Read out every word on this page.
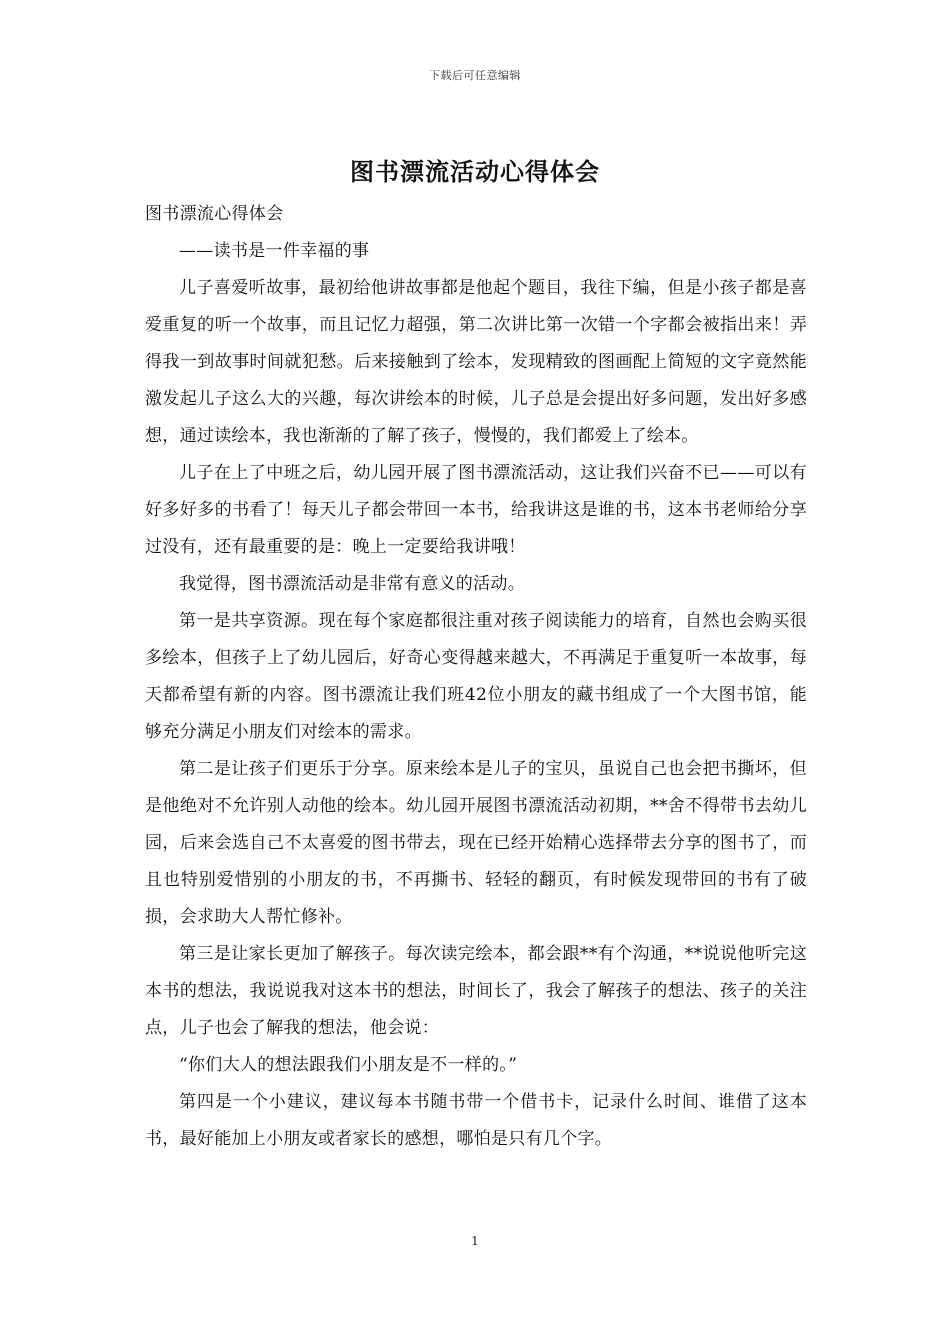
下载后可任意编辑
图书漂流活动心得体会

图书漂流心得体会

——读书是一件幸福的事

儿子喜爱听故事，最初给他讲故事都是他起个题目，我往下编，但是小孩子都是喜爱重复的听一个故事，而且记忆力超强，第二次讲比第一次错一个字都会被指出来！弄得我一到故事时间就犯愁。后来接触到了绘本，发现精致的图画配上简短的文字竟然能激发起儿子这么大的兴趣，每次讲绘本的时候，儿子总是会提出好多问题，发出好多感想，通过读绘本，我也渐渐的了解了孩子，慢慢的，我们都爱上了绘本。

儿子在上了中班之后，幼儿园开展了图书漂流活动，这让我们兴奋不已——可以有好多好多的书看了！每天儿子都会带回一本书，给我讲这是谁的书，这本书老师给分享过没有，还有最重要的是：晚上一定要给我讲哦！

我觉得，图书漂流活动是非常有意义的活动。

第一是共享资源。现在每个家庭都很注重对孩子阅读能力的培育，自然也会购买很多绘本，但孩子上了幼儿园后，好奇心变得越来越大，不再满足于重复听一本故事，每天都希望有新的内容。图书漂流让我们班42位小朋友的藏书组成了一个大图书馆，能够充分满足小朋友们对绘本的需求。

第二是让孩子们更乐于分享。原来绘本是儿子的宝贝，虽说自己也会把书撕坏，但是他绝对不允许别人动他的绘本。幼儿园开展图书漂流活动初期，**舍不得带书去幼儿园，后来会选自己不太喜爱的图书带去，现在已经开始精心选择带去分享的图书了，而且也特别爱惜别的小朋友的书，不再撕书、轻轻的翻页，有时候发现带回的书有了破损，会求助大人帮忙修补。

第三是让家长更加了解孩子。每次读完绘本，都会跟**有个沟通，**说说他听完这本书的想法，我说说我对这本书的想法，时间长了，我会了解孩子的想法、孩子的关注点，儿子也会了解我的想法，他会说：

“你们大人的想法跟我们小朋友是不一样的。”

第四是一个小建议，建议每本书随书带一个借书卡，记录什么时间、谁借了这本书，最好能加上小朋友或者家长的感想，哪怕是只有几个字。

1
